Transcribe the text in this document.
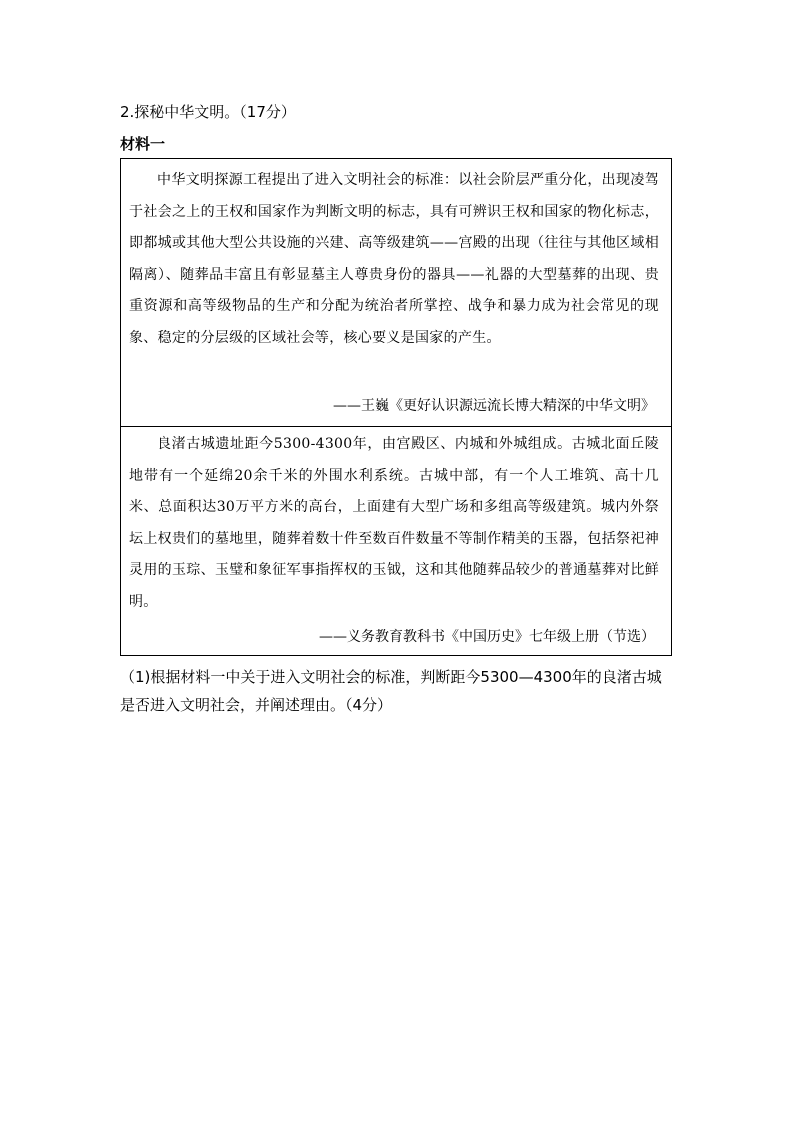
2.探秘中华文明。（17分）
材料一
中华文明探源工程提出了进入文明社会的标准：以社会阶层严重分化，出现凌驾于社会之上的王权和国家作为判断文明的标志，具有可辨识王权和国家的物化标志，即都城或其他大型公共设施的兴建、高等级建筑——宫殿的出现（往往与其他区域相隔离）、随葬品丰富且有彰显墓主人尊贵身份的器具——礼器的大型墓葬的出现、贵重资源和高等级物品的生产和分配为统治者所掌控、战争和暴力成为社会常见的现象、稳定的分层级的区域社会等，核心要义是国家的产生。
——王巍《更好认识源远流长博大精深的中华文明》
良渚古城遗址距今5300-4300年，由宫殿区、内城和外城组成。古城北面丘陵地带有一个延绵20余千米的外围水利系统。古城中部，有一个人工堆筑、高十几米、总面积达30万平方米的高台，上面建有大型广场和多组高等级建筑。城内外祭坛上权贵们的墓地里，随葬着数十件至数百件数量不等制作精美的玉器，包括祭祀神灵用的玉琮、玉璧和象征军事指挥权的玉钺，这和其他随葬品较少的普通墓葬对比鲜明。
——义务教育教科书《中国历史》七年级上册（节选）
（1)根据材料一中关于进入文明社会的标准，判断距今5300—4300年的良渚古城是否进入文明社会，并阐述理由。（4分）
